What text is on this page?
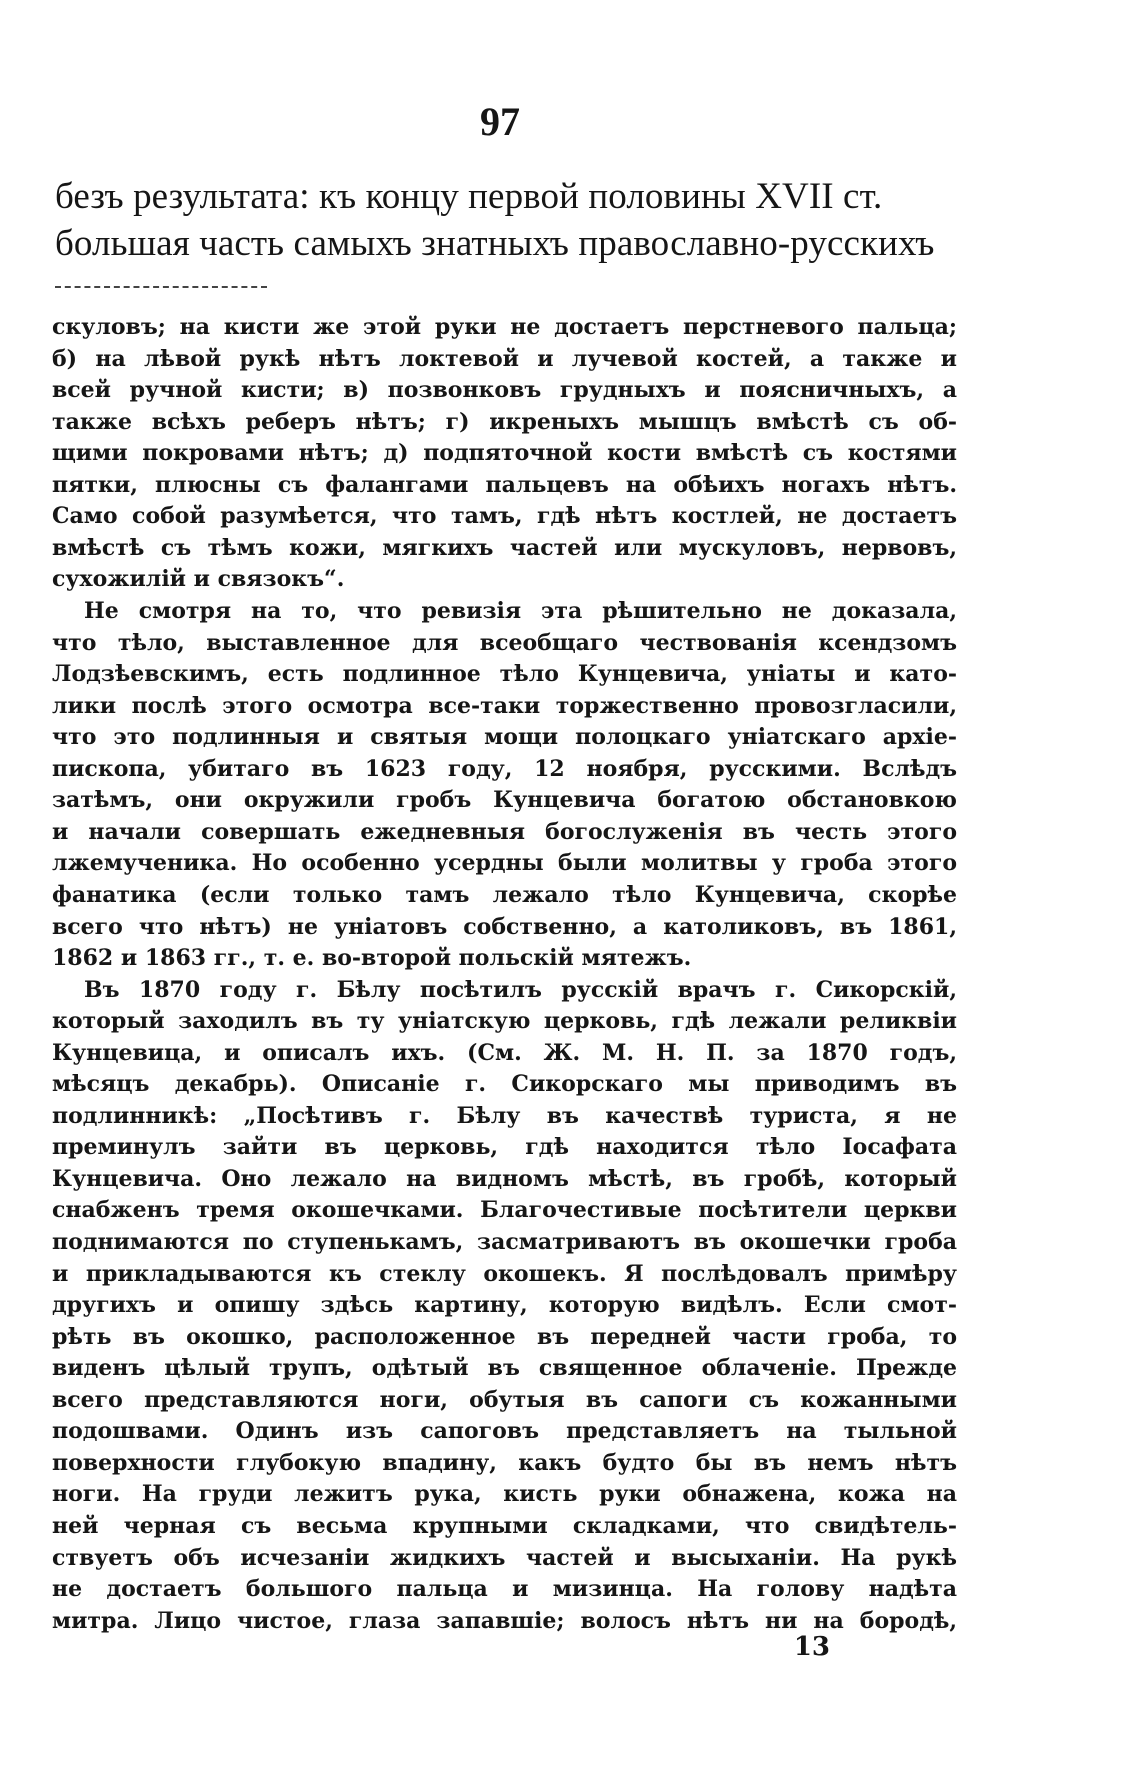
97
безъ результата: къ концу первой половины XVII ст.
большая часть самыхъ знатныхъ православно-русскихъ
скуловъ; на кисти же этой руки не достаетъ перстневого пальца;
б) на лѣвой рукѣ нѣтъ локтевой и лучевой костей, а также и
всей ручной кисти; в) позвонковъ грудныхъ и поясничныхъ, а
также всѣхъ реберъ нѣтъ; г) икреныхъ мышцъ вмѣстѣ съ об-
щими покровами нѣтъ; д) подпяточной кости вмѣстѣ съ костями
пятки, плюсны съ фалангами пальцевъ на обѣихъ ногахъ нѣтъ.
Само собой разумѣется, что тамъ, гдѣ нѣтъ костлей, не достаетъ
вмѣстѣ съ тѣмъ кожи, мягкихъ частей или мускуловъ, нервовъ,
сухожилій и связокъ“.
Не смотря на то, что ревизія эта рѣшительно не доказала,
что тѣло, выставленное для всеобщаго чествованія ксендзомъ
Лодзѣевскимъ, есть подлинное тѣло Кунцевича, уніаты и като-
лики послѣ этого осмотра все-таки торжественно провозгласили,
что это подлинныя и святыя мощи полоцкаго уніатскаго архіе-
пископа, убитаго въ 1623 году, 12 ноября, русскими. Вслѣдъ
затѣмъ, они окружили гробъ Кунцевича богатою обстановкою
и начали совершать ежедневныя богослуженія въ честь этого
лжемученика. Но особенно усердны были молитвы у гроба этого
фанатика (если только тамъ лежало тѣло Кунцевича, скорѣе
всего что нѣтъ) не уніатовъ собственно, а католиковъ, въ 1861,
1862 и 1863 гг., т. е. во-второй польскій мятежъ.
Въ 1870 году г. Бѣлу посѣтилъ русскій врачъ г. Сикорскій,
который заходилъ въ ту уніатскую церковь, гдѣ лежали реликвіи
Кунцевица, и описалъ ихъ. (См. Ж. М. Н. П. за 1870 годъ,
мѣсяцъ декабрь). Описаніе г. Сикорскаго мы приводимъ въ
подлинникѣ: „Посѣтивъ г. Бѣлу въ качествѣ туриста, я не
преминулъ зайти въ церковь, гдѣ находится тѣло Іосафата
Кунцевича. Оно лежало на видномъ мѣстѣ, въ гробѣ, который
снабженъ тремя окошечками. Благочестивые посѣтители церкви
поднимаются по ступенькамъ, засматриваютъ въ окошечки гроба
и прикладываются къ стеклу окошекъ. Я послѣдовалъ примѣру
другихъ и опишу здѣсь картину, которую видѣлъ. Если смот-
рѣть въ окошко, расположенное въ передней части гроба, то
виденъ цѣлый трупъ, одѣтый въ священное облаченіе. Прежде
всего представляются ноги, обутыя въ сапоги съ кожанными
подошвами. Одинъ изъ сапоговъ представляетъ на тыльной
поверхности глубокую впадину, какъ будто бы въ немъ нѣтъ
ноги. На груди лежитъ рука, кисть руки обнажена, кожа на
ней черная съ весьма крупными складками, что свидѣтель-
ствуетъ объ исчезаніи жидкихъ частей и высыханіи. На рукѣ
не достаетъ большого пальца и мизинца. На голову надѣта
митра. Лицо чистое, глаза запавшіе; волосъ нѣтъ ни на бородѣ,
13
